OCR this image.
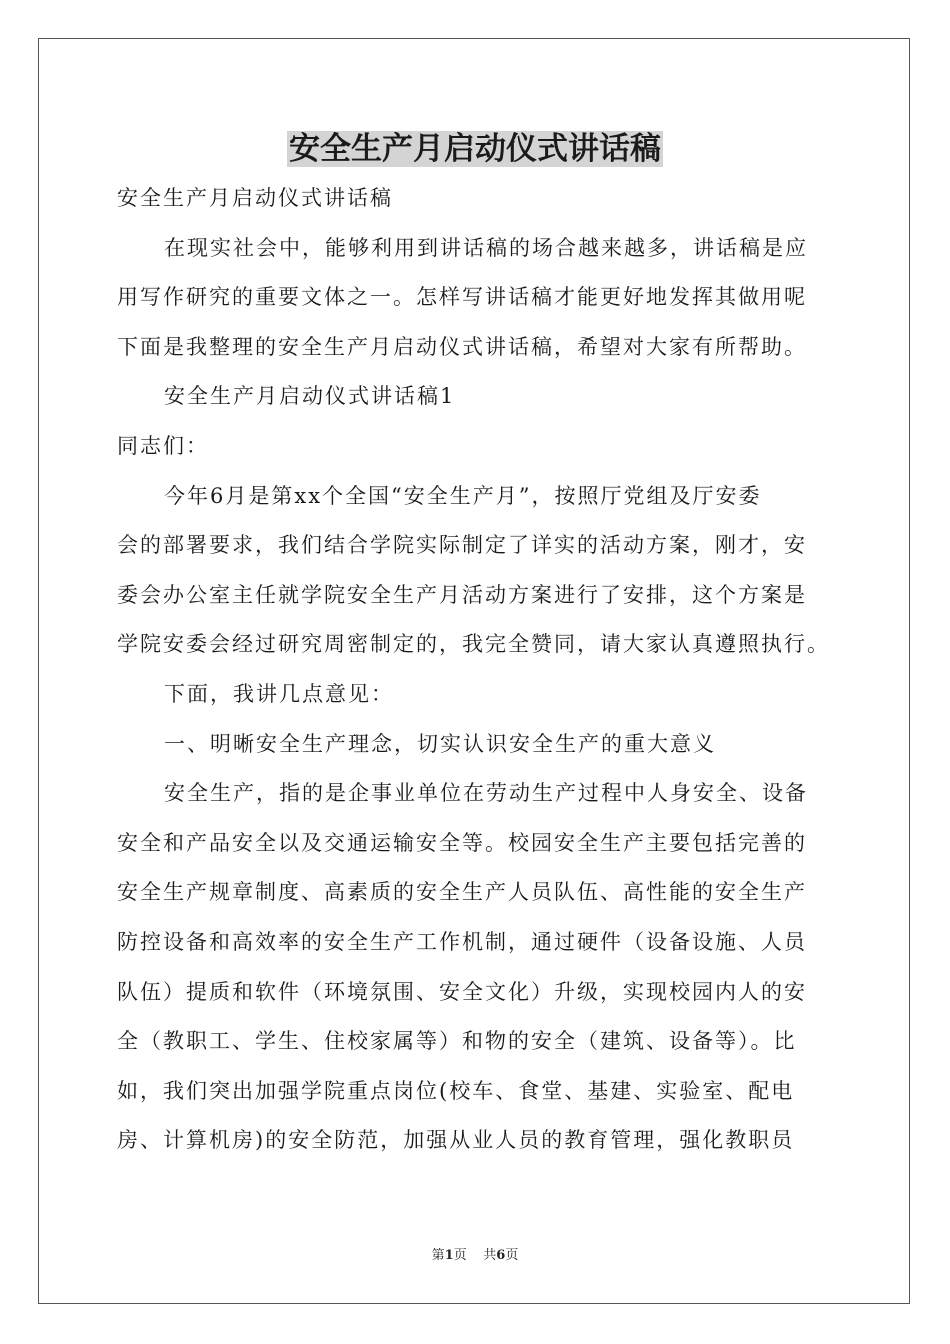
安全生产月启动仪式讲话稿
安全生产月启动仪式讲话稿
在现实社会中，能够利用到讲话稿的场合越来越多，讲话稿是应
用写作研究的重要文体之一。怎样写讲话稿才能更好地发挥其做用呢
下面是我整理的安全生产月启动仪式讲话稿，希望对大家有所帮助。
安全生产月启动仪式讲话稿1
同志们：
今年6月是第xx个全国“安全生产月”，按照厅党组及厅安委
会的部署要求，我们结合学院实际制定了详实的活动方案，刚才，安
委会办公室主任就学院安全生产月活动方案进行了安排，这个方案是
学院安委会经过研究周密制定的，我完全赞同，请大家认真遵照执行。
下面，我讲几点意见：
一、明晰安全生产理念，切实认识安全生产的重大意义
安全生产，指的是企事业单位在劳动生产过程中人身安全、设备
安全和产品安全以及交通运输安全等。校园安全生产主要包括完善的
安全生产规章制度、高素质的安全生产人员队伍、高性能的安全生产
防控设备和高效率的安全生产工作机制，通过硬件（设备设施、人员
队伍）提质和软件（环境氛围、安全文化）升级，实现校园内人的安
全（教职工、学生、住校家属等）和物的安全（建筑、设备等）。比
如，我们突出加强学院重点岗位(校车、食堂、基建、实验室、配电
房、计算机房)的安全防范，加强从业人员的教育管理，强化教职员
第1页 共6页
